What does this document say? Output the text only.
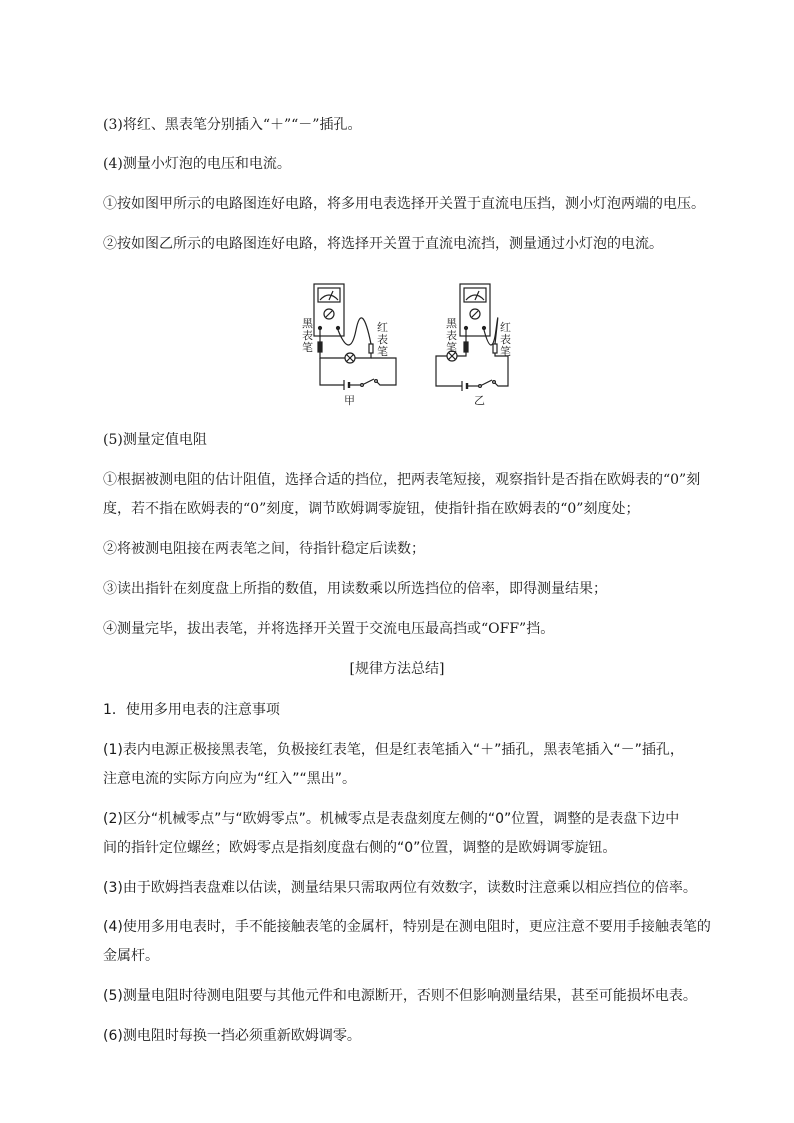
(3)将红、黑表笔分别插入“＋”“－”插孔。

(4)测量小灯泡的电压和电流。

①按如图甲所示的电路图连好电路，将多用电表选择开关置于直流电压挡，测小灯泡两端的电压。

②按如图乙所示的电路图连好电路，将选择开关置于直流电流挡，测量通过小灯泡的电流。

黑
表
笔
红
表
笔
甲
黑
表
笔
红
表
笔
乙

(5)测量定值电阻

①根据被测电阻的估计阻值，选择合适的挡位，把两表笔短接，观察指针是否指在欧姆表的“0”刻

度，若不指在欧姆表的“0”刻度，调节欧姆调零旋钮，使指针指在欧姆表的“0”刻度处；

②将被测电阻接在两表笔之间，待指针稳定后读数；

③读出指针在刻度盘上所指的数值，用读数乘以所选挡位的倍率，即得测量结果；

④测量完毕，拔出表笔，并将选择开关置于交流电压最高挡或“OFF”挡。

[规律方法总结]

1．使用多用电表的注意事项

(1)表内电源正极接黑表笔，负极接红表笔，但是红表笔插入“＋”插孔，黑表笔插入“－”插孔，

注意电流的实际方向应为“红入”“黑出”。

(2)区分“机械零点”与“欧姆零点”。机械零点是表盘刻度左侧的“0”位置，调整的是表盘下边中

间的指针定位螺丝；欧姆零点是指刻度盘右侧的“0”位置，调整的是欧姆调零旋钮。

(3)由于欧姆挡表盘难以估读，测量结果只需取两位有效数字，读数时注意乘以相应挡位的倍率。

(4)使用多用电表时，手不能接触表笔的金属杆，特别是在测电阻时，更应注意不要用手接触表笔的

金属杆。

(5)测量电阻时待测电阻要与其他元件和电源断开，否则不但影响测量结果，甚至可能损坏电表。

(6)测电阻时每换一挡必须重新欧姆调零。
